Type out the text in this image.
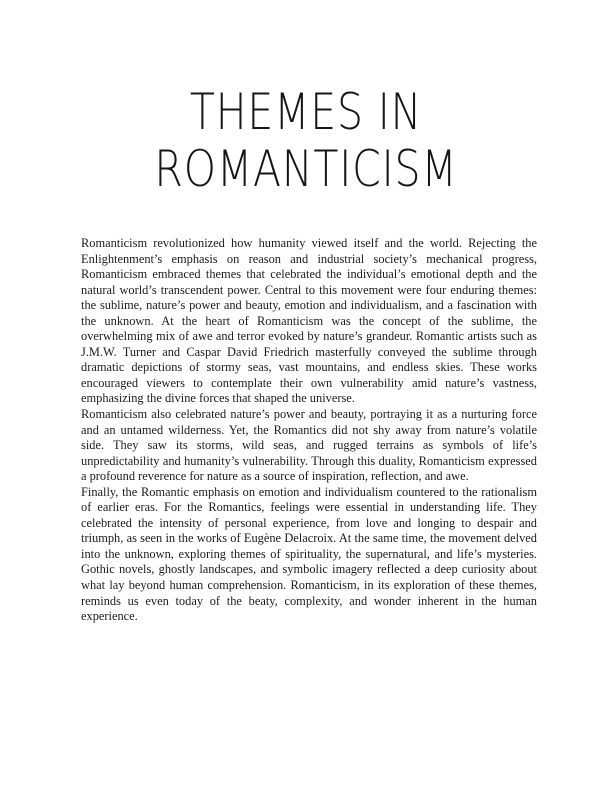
THEMES IN
ROMANTICISM

Romanticism revolutionized how humanity viewed itself and the world. Rejecting the Enlightenment’s emphasis on reason and industrial society’s mechanical progress, Romanticism embraced themes that celebrated the individual’s emotional depth and the natural world’s transcendent power. Central to this movement were four enduring themes: the sublime, nature’s power and beauty, emotion and individualism, and a fascination with the unknown. At the heart of Romanticism was the concept of the sublime, the overwhelming mix of awe and terror evoked by nature’s grandeur. Romantic artists such as J.M.W. Turner and Caspar David Friedrich masterfully conveyed the sublime through dramatic depictions of stormy seas, vast mountains, and endless skies. These works encouraged viewers to contemplate their own vulnerability amid nature’s vastness, emphasizing the divine forces that shaped the universe.

Romanticism also celebrated nature’s power and beauty, portraying it as a nurturing force and an untamed wilderness. Yet, the Romantics did not shy away from nature’s volatile side. They saw its storms, wild seas, and rugged terrains as symbols of life’s unpredictability and humanity’s vulnerability. Through this duality, Romanticism expressed a profound reverence for nature as a source of inspiration, reflection, and awe.

Finally, the Romantic emphasis on emotion and individualism countered to the rationalism of earlier eras. For the Romantics, feelings were essential in understanding life. They celebrated the intensity of personal experience, from love and longing to despair and triumph, as seen in the works of Eugène Delacroix. At the same time, the movement delved into the unknown, exploring themes of spirituality, the supernatural, and life’s mysteries. Gothic novels, ghostly landscapes, and symbolic imagery reflected a deep curiosity about what lay beyond human comprehension. Romanticism, in its exploration of these themes, reminds us even today of the beaty, complexity, and wonder inherent in the human experience.
